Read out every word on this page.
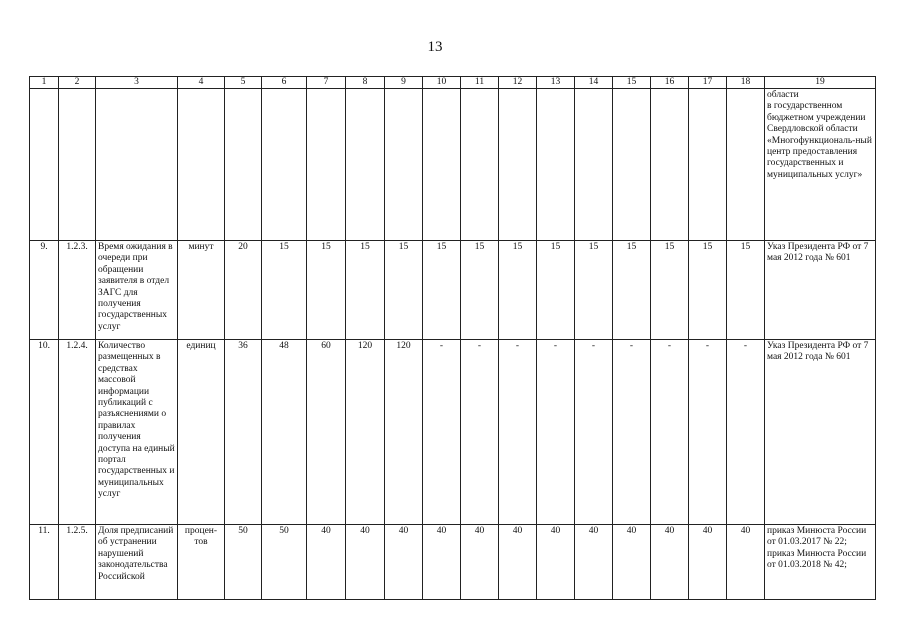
13
1	2	3	4	5	6	7	8	9	10	11	12	13	14	15	16	17	18	19
																		области
в государственном бюджетном учреждении Свердловской области «Многофункциональ-ный центр предоставления государственных и муниципальных услуг»
9.	1.2.3.	Время ожидания в очереди при обращении заявителя в отдел ЗАГС для получения государственных услуг	минут	20	15	15	15	15	15	15	15	15	15	15	15	15	15	Указ Президента РФ от 7 мая 2012 года № 601
10.	1.2.4.	Количество размещенных в средствах массовой информации публикаций с разъяснениями о правилах получения доступа на единый портал государственных и муниципальных услуг	единиц	36	48	60	120	120	-	-	-	-	-	-	-	-	-	Указ Президента РФ от 7 мая 2012 года № 601
11.	1.2.5.	Доля предписаний об устранении нарушений законодательства Российской	процен-тов	50	50	40	40	40	40	40	40	40	40	40	40	40	40	приказ Минюста России от 01.03.2017 № 22;
приказ Минюста России от 01.03.2018 № 42;
